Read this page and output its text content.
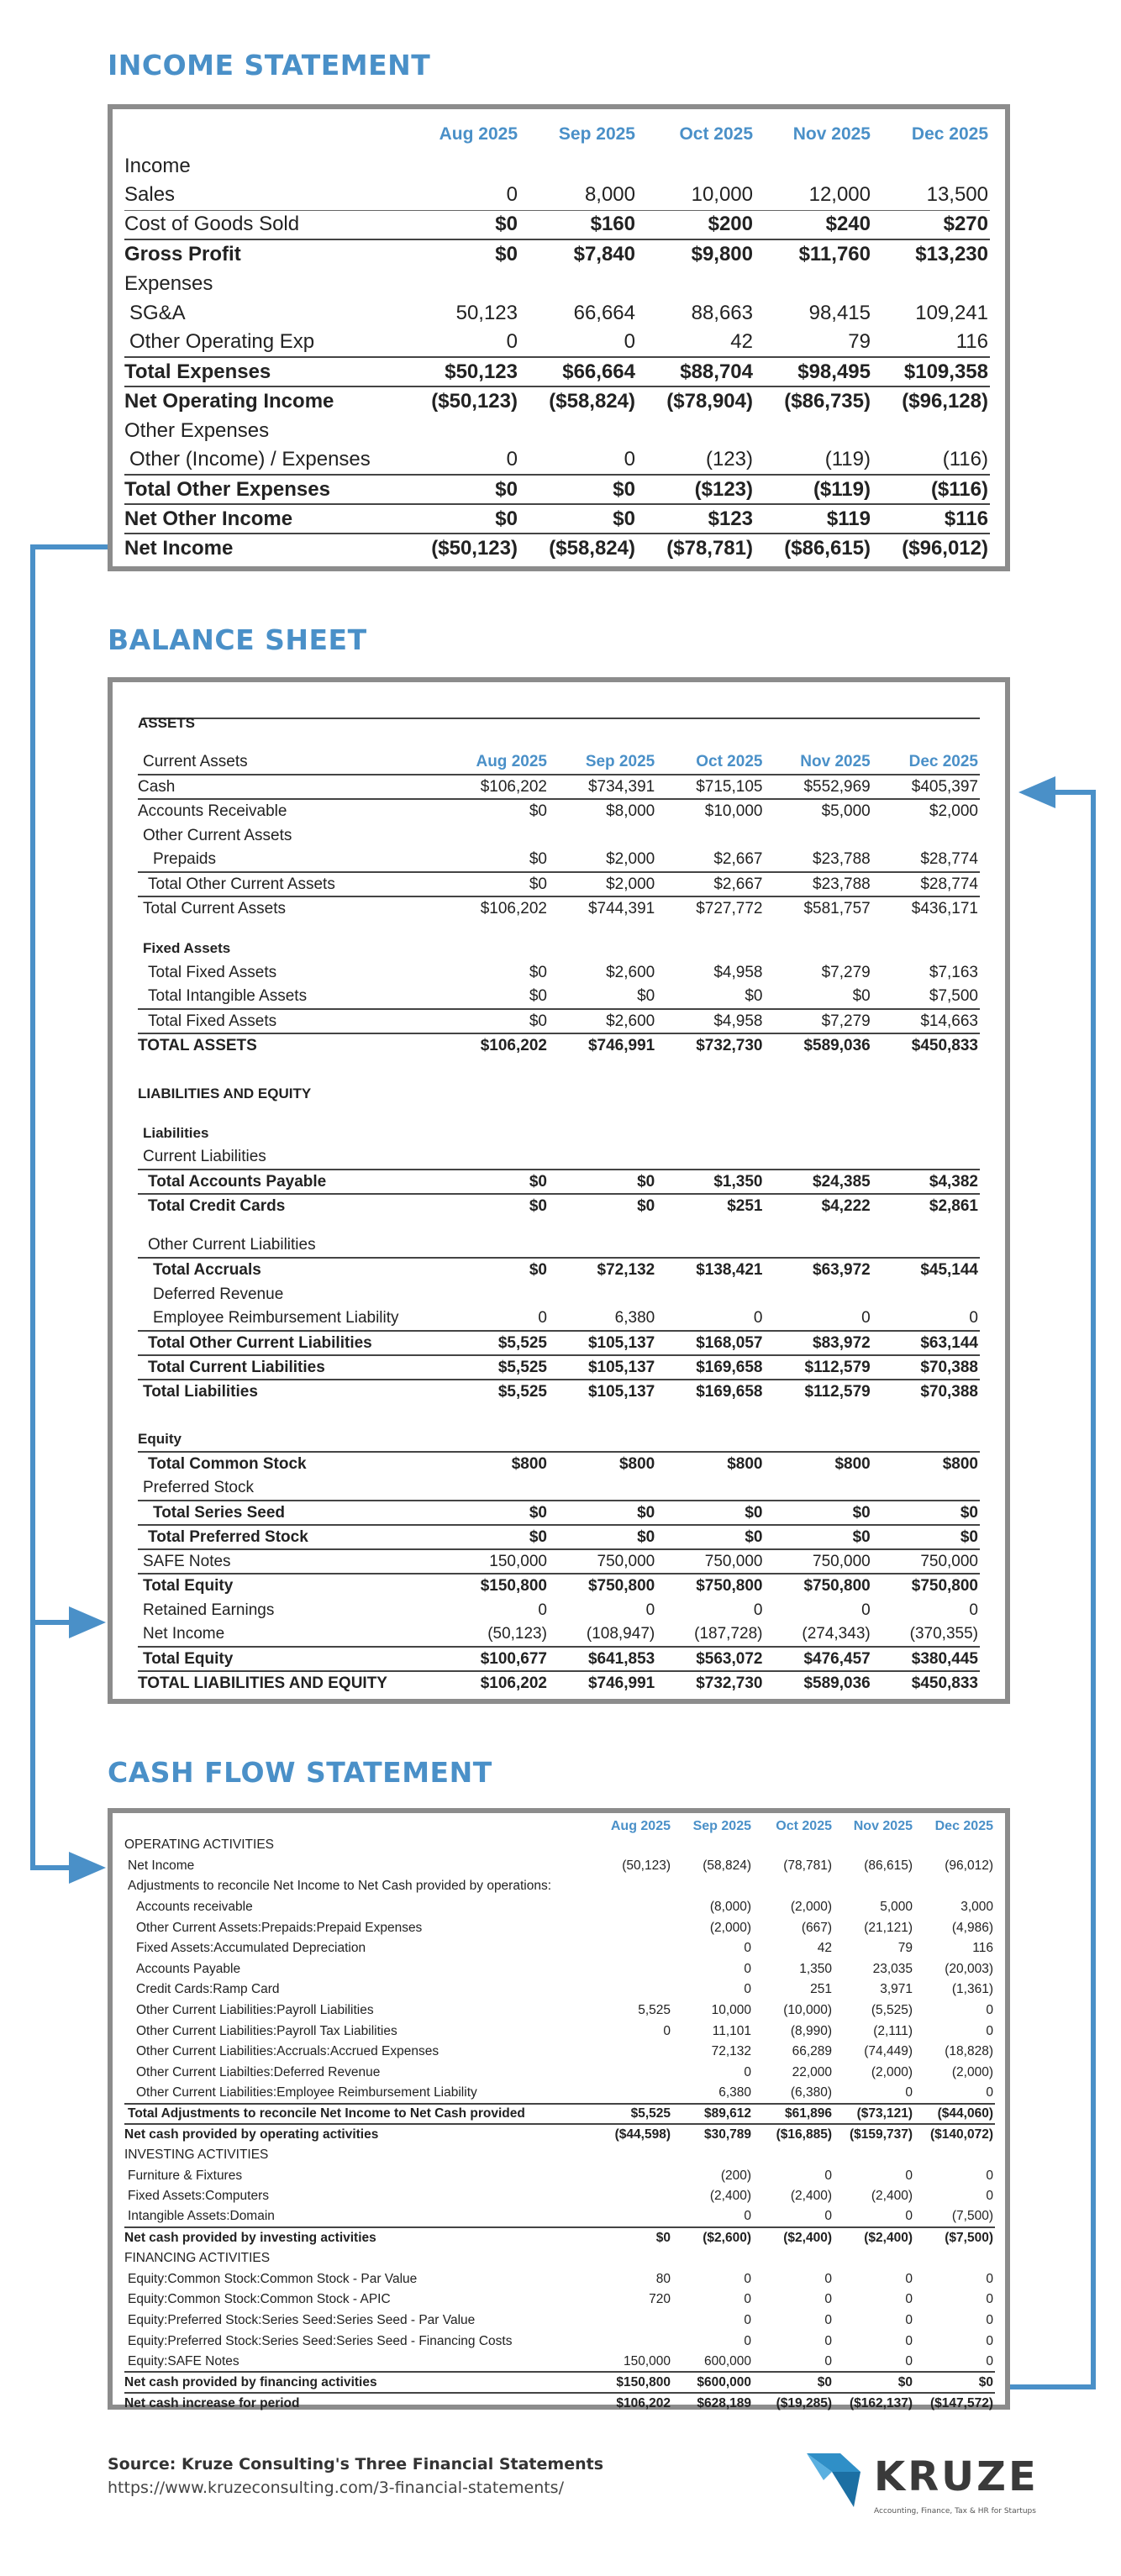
INCOME STATEMENT
	Aug 2025	Sep 2025	Oct 2025	Nov 2025	Dec 2025
Income					
Sales	0	8,000	10,000	12,000	13,500
Cost of Goods Sold	$0	$160	$200	$240	$270
Gross Profit	$0	$7,840	$9,800	$11,760	$13,230
Expenses					
SG&A	50,123	66,664	88,663	98,415	109,241
Other Operating Exp	0	0	42	79	116
Total Expenses	$50,123	$66,664	$88,704	$98,495	$109,358
Net Operating Income	($50,123)	($58,824)	($78,904)	($86,735)	($96,128)
Other Expenses					
Other (Income) / Expenses	0	0	(123)	(119)	(116)
Total Other Expenses	$0	$0	($123)	($119)	($116)
Net Other Income	$0	$0	$123	$119	$116
Net Income	($50,123)	($58,824)	($78,781)	($86,615)	($96,012)
BALANCE SHEET
ASSETS					

Current Assets	Aug 2025	Sep 2025	Oct 2025	Nov 2025	Dec 2025
Cash	$106,202	$734,391	$715,105	$552,969	$405,397
Accounts Receivable	$0	$8,000	$10,000	$5,000	$2,000
Other Current Assets					
Prepaids	$0	$2,000	$2,667	$23,788	$28,774
Total Other Current Assets	$0	$2,000	$2,667	$23,788	$28,774
Total Current Assets	$106,202	$744,391	$727,772	$581,757	$436,171

Fixed Assets					
Total Fixed Assets	$0	$2,600	$4,958	$7,279	$7,163
Total Intangible Assets	$0	$0	$0	$0	$7,500
Total Fixed Assets	$0	$2,600	$4,958	$7,279	$14,663
TOTAL ASSETS	$106,202	$746,991	$732,730	$589,036	$450,833

LIABILITIES AND EQUITY					

Liabilities					
Current Liabilities					
Total Accounts Payable	$0	$0	$1,350	$24,385	$4,382
Total Credit Cards	$0	$0	$251	$4,222	$2,861

Other Current Liabilities					
Total Accruals	$0	$72,132	$138,421	$63,972	$45,144
Deferred Revenue					
Employee Reimbursement Liability	0	6,380	0	0	0
Total Other Current Liabilities	$5,525	$105,137	$168,057	$83,972	$63,144
Total Current Liabilities	$5,525	$105,137	$169,658	$112,579	$70,388
Total Liabilities	$5,525	$105,137	$169,658	$112,579	$70,388

Equity					
Total Common Stock	$800	$800	$800	$800	$800
Preferred Stock					
Total Series Seed	$0	$0	$0	$0	$0
Total Preferred Stock	$0	$0	$0	$0	$0
SAFE Notes	150,000	750,000	750,000	750,000	750,000
Total Equity	$150,800	$750,800	$750,800	$750,800	$750,800
Retained Earnings	0	0	0	0	0
Net Income	(50,123)	(108,947)	(187,728)	(274,343)	(370,355)
Total Equity	$100,677	$641,853	$563,072	$476,457	$380,445
TOTAL LIABILITIES AND EQUITY	$106,202	$746,991	$732,730	$589,036	$450,833
CASH FLOW STATEMENT
	Aug 2025	Sep 2025	Oct 2025	Nov 2025	Dec 2025
OPERATING ACTIVITIES					
Net Income	(50,123)	(58,824)	(78,781)	(86,615)	(96,012)
Adjustments to reconcile Net Income to Net Cash provided by operations:					
Accounts receivable		(8,000)	(2,000)	5,000	3,000
Other Current Assets:Prepaids:Prepaid Expenses		(2,000)	(667)	(21,121)	(4,986)
Fixed Assets:Accumulated Depreciation		0	42	79	116
Accounts Payable		0	1,350	23,035	(20,003)
Credit Cards:Ramp Card		0	251	3,971	(1,361)
Other Current Liabilities:Payroll Liabilities	5,525	10,000	(10,000)	(5,525)	0
Other Current Liabilities:Payroll Tax Liabilities	0	11,101	(8,990)	(2,111)	0
Other Current Liabilities:Accruals:Accrued Expenses		72,132	66,289	(74,449)	(18,828)
Other Current Liabilties:Deferred Revenue		0	22,000	(2,000)	(2,000)
Other Current Liabilities:Employee Reimbursement Liability		6,380	(6,380)	0	0
Total Adjustments to reconcile Net Income to Net Cash provided	$5,525	$89,612	$61,896	($73,121)	($44,060)
Net cash provided by operating activities	($44,598)	$30,789	($16,885)	($159,737)	($140,072)
INVESTING ACTIVITIES					
Furniture & Fixtures		(200)	0	0	0
Fixed Assets:Computers		(2,400)	(2,400)	(2,400)	0
Intangible Assets:Domain		0	0	0	(7,500)
Net cash provided by investing activities	$0	($2,600)	($2,400)	($2,400)	($7,500)
FINANCING ACTIVITIES					
Equity:Common Stock:Common Stock - Par Value	80	0	0	0	0
Equity:Common Stock:Common Stock - APIC	720	0	0	0	0
Equity:Preferred Stock:Series Seed:Series Seed - Par Value		0	0	0	0
Equity:Preferred Stock:Series Seed:Series Seed - Financing Costs		0	0	0	0
Equity:SAFE Notes	150,000	600,000	0	0	0
Net cash provided by financing activities	$150,800	$600,000	$0	$0	$0
Net cash increase for period	$106,202	$628,189	($19,285)	($162,137)	($147,572)
Source: Kruze Consulting's Three Financial Statements
https://www.kruzeconsulting.com/3-financial-statements/	KRUZE
Accounting, Finance, Tax & HR for Startups
